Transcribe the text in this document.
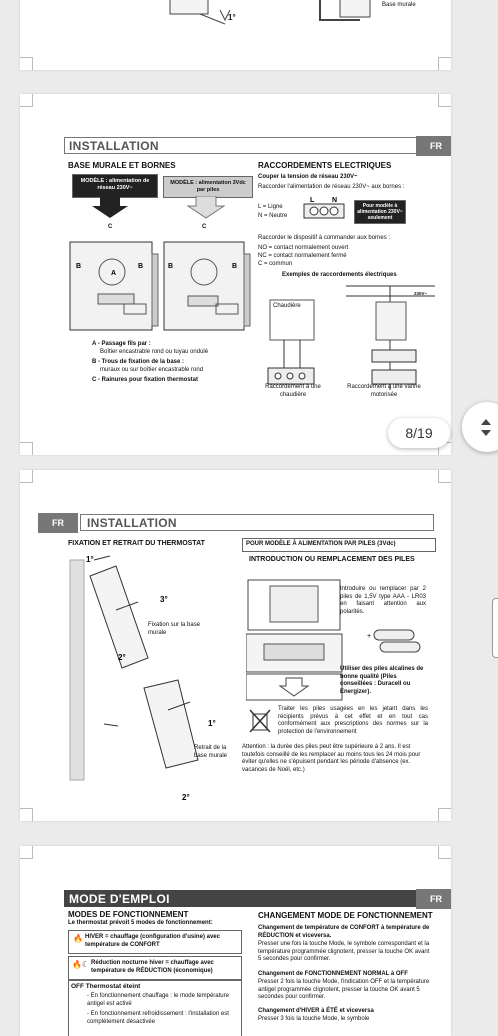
Base murale
1°
INSTALLATION	FR
BASE MURALE ET BORNES
MODÈLE : alimentation de réseau 230V~
MODÈLE : alimentation 3Vdc par piles
C	C
A
B	B	B	B
A - Passage fils par :
Boîtier encastrable rond ou tuyau ondulé
B - Trous de fixation de la base :
muraux ou sur boîtier encastrable rond
C - Rainures pour fixation thermostat
RACCORDEMENTS ELECTRIQUES
Couper la tension de réseau 230V~
Raccorder l'alimentation de réseau 230V~ aux bornes :
L = Ligne
N = Neutre
L	N
Pour modèle à alimentation 230V~ seulement
Raccorder le dispositif à commander aux bornes :
NO = contact normalement ouvert
NC = contact normalement fermé
C = commun
Exemples de raccordements électriques
230V~
Chaudière
Raccordement à une chaudière
Raccordement à une vanne motorisée
8/19
FR	INSTALLATION
FIXATION ET RETRAIT DU THERMOSTAT
1°
3°
2°
1°
2°
Fixation sur la base murale
Retrait de la base murale
POUR MODÈLE À ALIMENTATION PAR PILES (3Vdc)
INTRODUCTION OU REMPLACEMENT DES PILES
Introduire ou remplacer par 2 piles de 1,5V type AAA - LR03 en faisant attention aux polarités.
+
Utiliser des piles alcalines de bonne qualité (Piles conseillées : Duracell ou Energizer).
Traiter les piles usagées en les jetant dans les récipients prévus à cet effet et en tout cas conformément aux prescriptions des normes sur la protection de l'environnement
Attention : la durée des piles peut être supérieure à 2 ans. Il est toutefois conseillé de les remplacer au moins tous les 24 mois pour éviter qu'elles ne s'épuisent pendant les période d'absence (ex. vacances de Noël, etc.)
MODE D'EMPLOI	FR
MODES DE FONCTIONNEMENT
Le thermostat prévoit 5 modes de fonctionnement:
🔥 HIVER = chauffage (configuration d'usine) avec température de CONFORT
🔥☾ Réduction nocturne hiver = chauffage avec température de RÉDUCTION (économique)
OFF Thermostat éteint
- En fonctionnement chauffage : le mode température antigel est activé
- En fonctionnement refroidissement : l'installation est complètement désactivée
CHANGEMENT MODE DE FONCTIONNEMENT
Changement de température de CONFORT à température de RÉDUCTION et viceversa.
Presser une fois la touche Mode, le symbole correspondant et la température programmée clignotent, presser la touche OK avant 5 secondes pour confirmer.
Changement de FONCTIONNEMENT NORMAL à OFF
Presser 2 fois la touche Mode, l'indication OFF et la température antigel programmée clignotent, presser la touche OK avant 5 secondes pour confirmer.
Changement d'HIVER à ÉTÉ et viceversa
Presser 3 fois la touche Mode, le symbole
